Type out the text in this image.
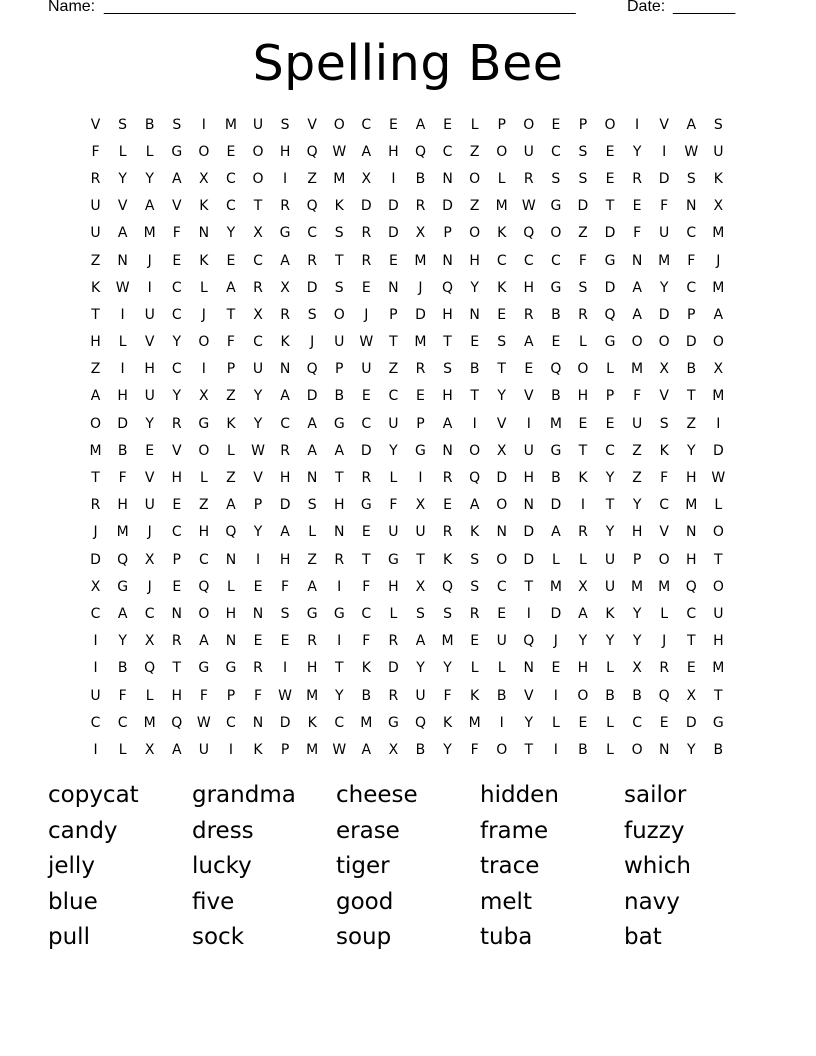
Name: _____________________________________________________	Date: _______
Spelling Bee
V	S	B	S	I	M	U	S	V	O	C	E	A	E	L	P	O	E	P	O	I	V	A	S
F	L	L	G	O	E	O	H	Q	W	A	H	Q	C	Z	O	U	C	S	E	Y	I	W	U
R	Y	Y	A	X	C	O	I	Z	M	X	I	B	N	O	L	R	S	S	E	R	D	S	K
U	V	A	V	K	C	T	R	Q	K	D	D	R	D	Z	M	W	G	D	T	E	F	N	X
U	A	M	F	N	Y	X	G	C	S	R	D	X	P	O	K	Q	O	Z	D	F	U	C	M
Z	N	J	E	K	E	C	A	R	T	R	E	M	N	H	C	C	C	F	G	N	M	F	J
K	W	I	C	L	A	R	X	D	S	E	N	J	Q	Y	K	H	G	S	D	A	Y	C	M
T	I	U	C	J	T	X	R	S	O	J	P	D	H	N	E	R	B	R	Q	A	D	P	A
H	L	V	Y	O	F	C	K	J	U	W	T	M	T	E	S	A	E	L	G	O	O	D	O
Z	I	H	C	I	P	U	N	Q	P	U	Z	R	S	B	T	E	Q	O	L	M	X	B	X
A	H	U	Y	X	Z	Y	A	D	B	E	C	E	H	T	Y	V	B	H	P	F	V	T	M
O	D	Y	R	G	K	Y	C	A	G	C	U	P	A	I	V	I	M	E	E	U	S	Z	I
M	B	E	V	O	L	W	R	A	A	D	Y	G	N	O	X	U	G	T	C	Z	K	Y	D
T	F	V	H	L	Z	V	H	N	T	R	L	I	R	Q	D	H	B	K	Y	Z	F	H	W
R	H	U	E	Z	A	P	D	S	H	G	F	X	E	A	O	N	D	I	T	Y	C	M	L
J	M	J	C	H	Q	Y	A	L	N	E	U	U	R	K	N	D	A	R	Y	H	V	N	O
D	Q	X	P	C	N	I	H	Z	R	T	G	T	K	S	O	D	L	L	U	P	O	H	T
X	G	J	E	Q	L	E	F	A	I	F	H	X	Q	S	C	T	M	X	U	M	M	Q	O
C	A	C	N	O	H	N	S	G	G	C	L	S	S	R	E	I	D	A	K	Y	L	C	U
I	Y	X	R	A	N	E	E	R	I	F	R	A	M	E	U	Q	J	Y	Y	Y	J	T	H
I	B	Q	T	G	G	R	I	H	T	K	D	Y	Y	L	L	N	E	H	L	X	R	E	M
U	F	L	H	F	P	F	W	M	Y	B	R	U	F	K	B	V	I	O	B	B	Q	X	T
C	C	M	Q	W	C	N	D	K	C	M	G	Q	K	M	I	Y	L	E	L	C	E	D	G
I	L	X	A	U	I	K	P	M	W	A	X	B	Y	F	O	T	I	B	L	O	N	Y	B
copycat	grandma	cheese	hidden	sailor
candy	dress	erase	frame	fuzzy
jelly	lucky	tiger	trace	which
blue	five	good	melt	navy
pull	sock	soup	tuba	bat
